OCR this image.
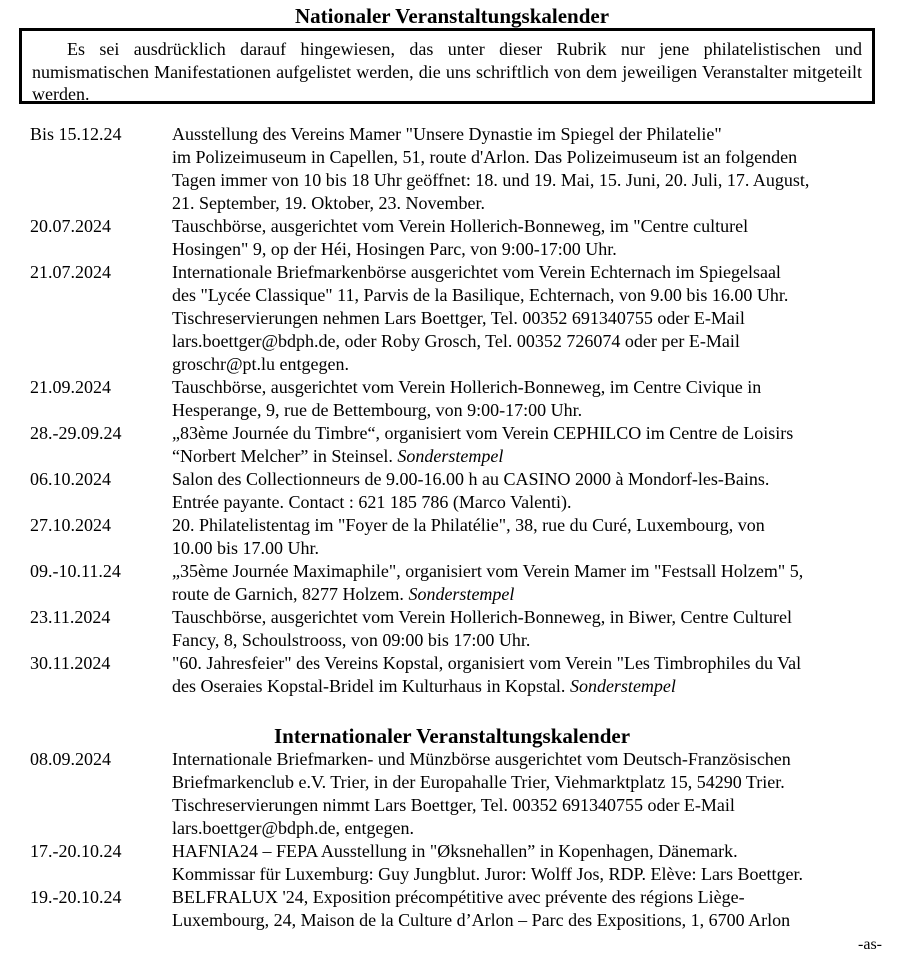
Nationaler Veranstaltungskalender
Es sei ausdrücklich darauf hingewiesen, das unter dieser Rubrik nur jene philatelistischen und numismatischen Manifestationen aufgelistet werden, die uns schriftlich von dem jeweiligen Veranstalter mitgeteilt werden.
Bis 15.12.24	Ausstellung des Vereins Mamer "Unsere Dynastie im Spiegel der Philatelie"

im Polizeimuseum in Capellen, 51, route d'Arlon. Das Polizeimuseum ist an folgenden

Tagen immer von 10 bis 18 Uhr geöffnet: 18. und 19. Mai, 15. Juni, 20. Juli, 17. August,

21. September, 19. Oktober, 23. November.

20.07.2024	Tauschbörse, ausgerichtet vom Verein Hollerich-Bonneweg, im "Centre culturel

Hosingen" 9, op der Héi, Hosingen Parc, von 9:00-17:00 Uhr.

21.07.2024	Internationale Briefmarkenbörse ausgerichtet vom Verein Echternach im Spiegelsaal

des "Lycée Classique" 11, Parvis de la Basilique, Echternach, von 9.00 bis 16.00 Uhr.

Tischreservierungen nehmen Lars Boettger, Tel. 00352 691340755 oder E-Mail

lars.boettger@bdph.de, oder Roby Grosch, Tel. 00352 726074 oder per E-Mail

groschr@pt.lu entgegen.

21.09.2024	Tauschbörse, ausgerichtet vom Verein Hollerich-Bonneweg, im Centre Civique in

Hesperange, 9, rue de Bettembourg, von 9:00-17:00 Uhr.

28.-29.09.24	„83ème Journée du Timbre“, organisiert vom Verein CEPHILCO im Centre de Loisirs

“Norbert Melcher” in Steinsel. Sonderstempel

06.10.2024	Salon des Collectionneurs de 9.00-16.00 h au CASINO 2000 à Mondorf-les-Bains.

Entrée payante. Contact : 621 185 786 (Marco Valenti).

27.10.2024	20. Philatelistentag im "Foyer de la Philatélie", 38, rue du Curé, Luxembourg, von

10.00 bis 17.00 Uhr.

09.-10.11.24	„35ème Journée Maximaphile", organisiert vom Verein Mamer im "Festsall Holzem" 5,

route de Garnich, 8277 Holzem. Sonderstempel

23.11.2024	Tauschbörse, ausgerichtet vom Verein Hollerich-Bonneweg, in Biwer, Centre Culturel

Fancy, 8, Schoulstrooss, von 09:00 bis 17:00 Uhr.

30.11.2024	"60. Jahresfeier" des Vereins Kopstal, organisiert vom Verein "Les Timbrophiles du Val

des Oseraies Kopstal-Bridel im Kulturhaus in Kopstal. Sonderstempel

Internationaler Veranstaltungskalender
08.09.2024	Internationale Briefmarken- und Münzbörse ausgerichtet vom Deutsch-Französischen

Briefmarkenclub e.V. Trier, in der Europahalle Trier, Viehmarktplatz 15, 54290 Trier.

Tischreservierungen nimmt Lars Boettger, Tel. 00352 691340755 oder E-Mail

lars.boettger@bdph.de, entgegen.

17.-20.10.24	HAFNIA24 – FEPA Ausstellung in "Øksnehallen” in Kopenhagen, Dänemark.

Kommissar für Luxemburg: Guy Jungblut. Juror: Wolff Jos, RDP. Elève: Lars Boettger.

19.-20.10.24	BELFRALUX '24, Exposition précompétitive avec prévente des régions Liège-

Luxembourg, 24, Maison de la Culture d’Arlon – Parc des Expositions, 1, 6700 Arlon

-as-
